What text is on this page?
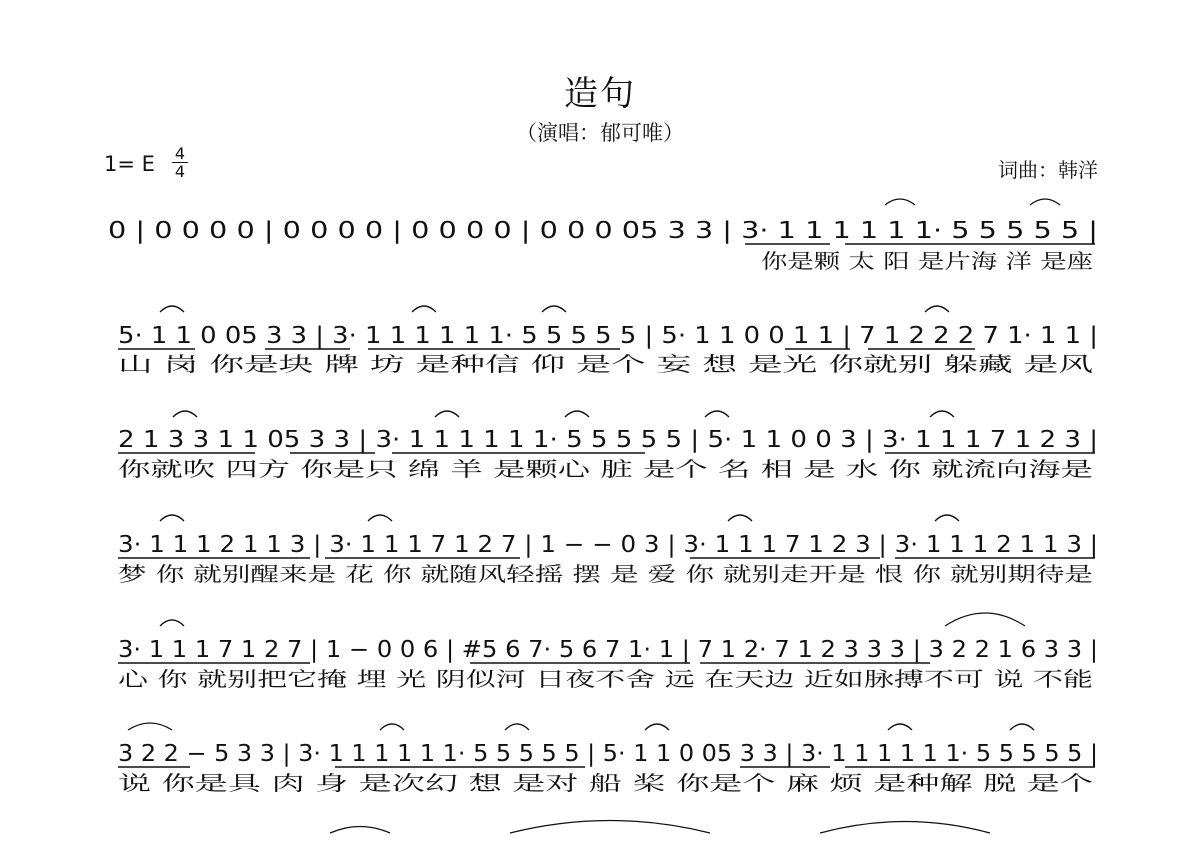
造句
（演唱：郁可唯）
1= E 4
4	词曲：韩洋
0 | 0 0 0 0 | 0 0 0 0 | 0 0 0 0 | 0 0 0 05 3 3 | 3· 1 1 1 1 1 1· 5 5 5 5 5 |
你是颗 太 阳 是片海 洋 是座
5· 1 1 0 05 3 3 | 3· 1 1 1 1 1 1· 5 5 5 5 5 | 5· 1 1 0 0 1 1 | 7 1 2 2 2 7 1· 1 1 |
山 岗 你是块 牌 坊 是种信 仰 是个 妄 想 是光 你就别 躲藏 是风
2 1 3 3 1 1 05 3 3 | 3· 1 1 1 1 1 1· 5 5 5 5 5 | 5· 1 1 0 0 3 | 3· 1 1 1 7 1 2 3 |
你就吹 四方 你是只 绵 羊 是颗心 脏 是个 名 相 是 水 你 就流向海是
3· 1 1 1 2 1 1 3 | 3· 1 1 1 7 1 2 7 | 1 − − 0 3 | 3· 1 1 1 7 1 2 3 | 3· 1 1 1 2 1 1 3 |
梦 你 就别醒来是 花 你 就随风轻摇 摆 是 爱 你 就别走开是 恨 你 就别期待是
3· 1 1 1 7 1 2 7 | 1 − 0 0 6 | #5 6 7· 5 6 7 1· 1 | 7 1 2· 7 1 2 3 3 3 | 3 2 2 1 6 3 3 |
心 你 就别把它掩 埋 光 阴似河 日夜不舍 远 在天边 近如脉搏不可 说 不能
3 2 2 − 5 3 3 | 3· 1 1 1 1 1 1· 5 5 5 5 5 | 5· 1 1 0 05 3 3 | 3· 1 1 1 1 1 1· 5 5 5 5 5 |
说 你是具 肉 身 是次幻 想 是对 船 桨 你是个 麻 烦 是种解 脱 是个
